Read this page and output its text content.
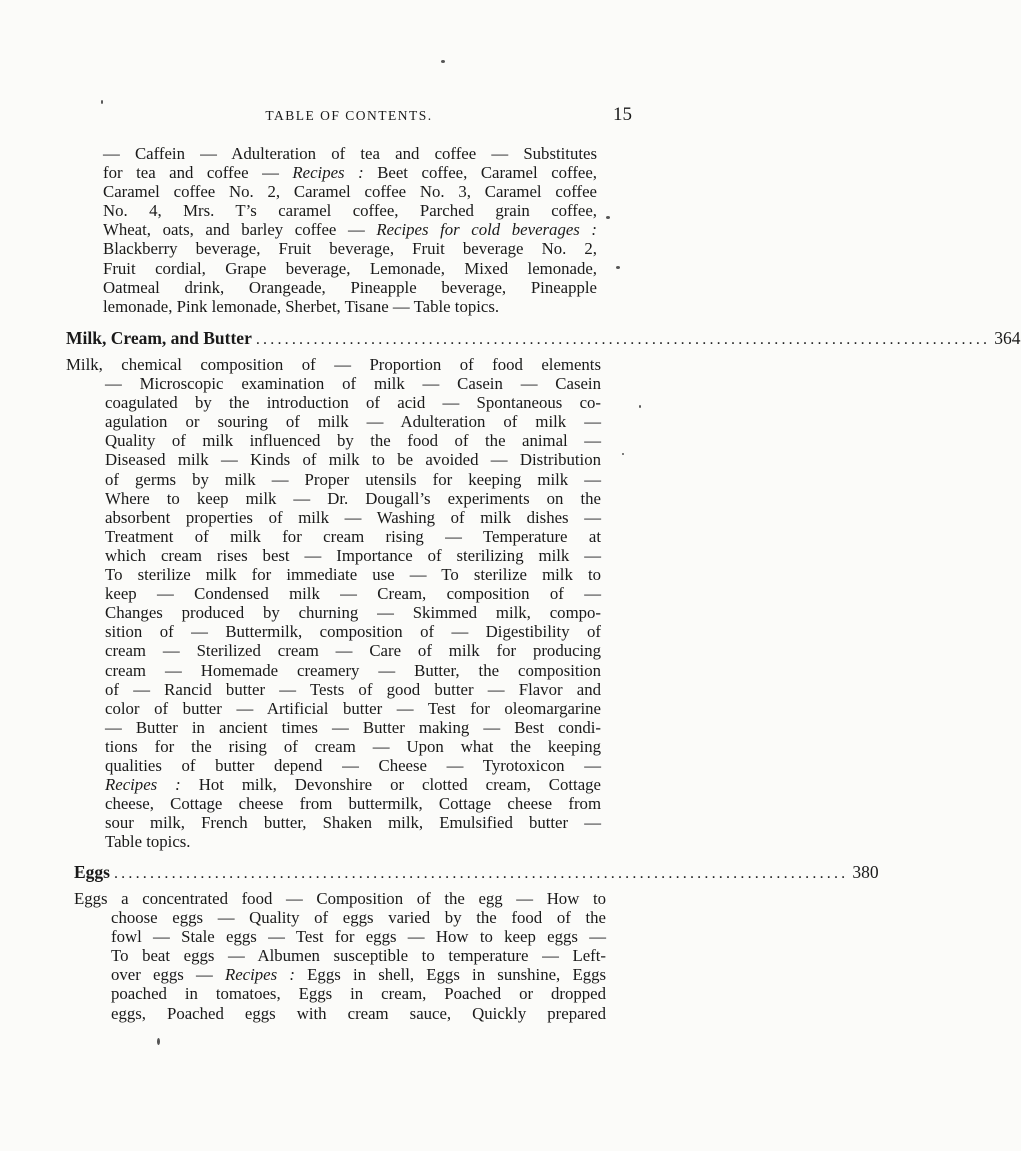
TABLE OF CONTENTS.	15
— Caffein — Adulteration of tea and coffee — Substitutes
for tea and coffee — Recipes : Beet coffee, Caramel coffee,
Caramel coffee No. 2, Caramel coffee No. 3, Caramel coffee
No. 4, Mrs. T’s caramel coffee, Parched grain coffee,
Wheat, oats, and barley coffee — Recipes for cold beverages :
Blackberry beverage, Fruit beverage, Fruit beverage No. 2,
Fruit cordial, Grape beverage, Lemonade, Mixed lemonade,
Oatmeal drink, Orangeade, Pineapple beverage, Pineapple
lemonade, Pink lemonade, Sherbet, Tisane — Table topics.
Milk, Cream, and Butter ...................................................................................................... 364
Milk, chemical composition of — Proportion of food elements
— Microscopic examination of milk — Casein — Casein
coagulated by the introduction of acid — Spontaneous co-
agulation or souring of milk — Adulteration of milk —
Quality of milk influenced by the food of the animal —
Diseased milk — Kinds of milk to be avoided — Distribution
of germs by milk — Proper utensils for keeping milk —
Where to keep milk — Dr. Dougall’s experiments on the
absorbent properties of milk — Washing of milk dishes —
Treatment of milk for cream rising — Temperature at
which cream rises best — Importance of sterilizing milk —
To sterilize milk for immediate use — To sterilize milk to
keep — Condensed milk — Cream, composition of —
Changes produced by churning — Skimmed milk, compo-
sition of — Buttermilk, composition of — Digestibility of
cream — Sterilized cream — Care of milk for producing
cream — Homemade creamery — Butter, the composition
of — Rancid butter — Tests of good butter — Flavor and
color of butter — Artificial butter — Test for oleomargarine
— Butter in ancient times — Butter making — Best condi-
tions for the rising of cream — Upon what the keeping
qualities of butter depend — Cheese — Tyrotoxicon —
Recipes : Hot milk, Devonshire or clotted cream, Cottage
cheese, Cottage cheese from buttermilk, Cottage cheese from
sour milk, French butter, Shaken milk, Emulsified butter —
Table topics.
Eggs ...................................................................................................... 380
Eggs a concentrated food — Composition of the egg — How to
choose eggs — Quality of eggs varied by the food of the
fowl — Stale eggs — Test for eggs — How to keep eggs —
To beat eggs — Albumen susceptible to temperature — Left-
over eggs — Recipes : Eggs in shell, Eggs in sunshine, Eggs
poached in tomatoes, Eggs in cream, Poached or dropped
eggs, Poached eggs with cream sauce, Quickly prepared
